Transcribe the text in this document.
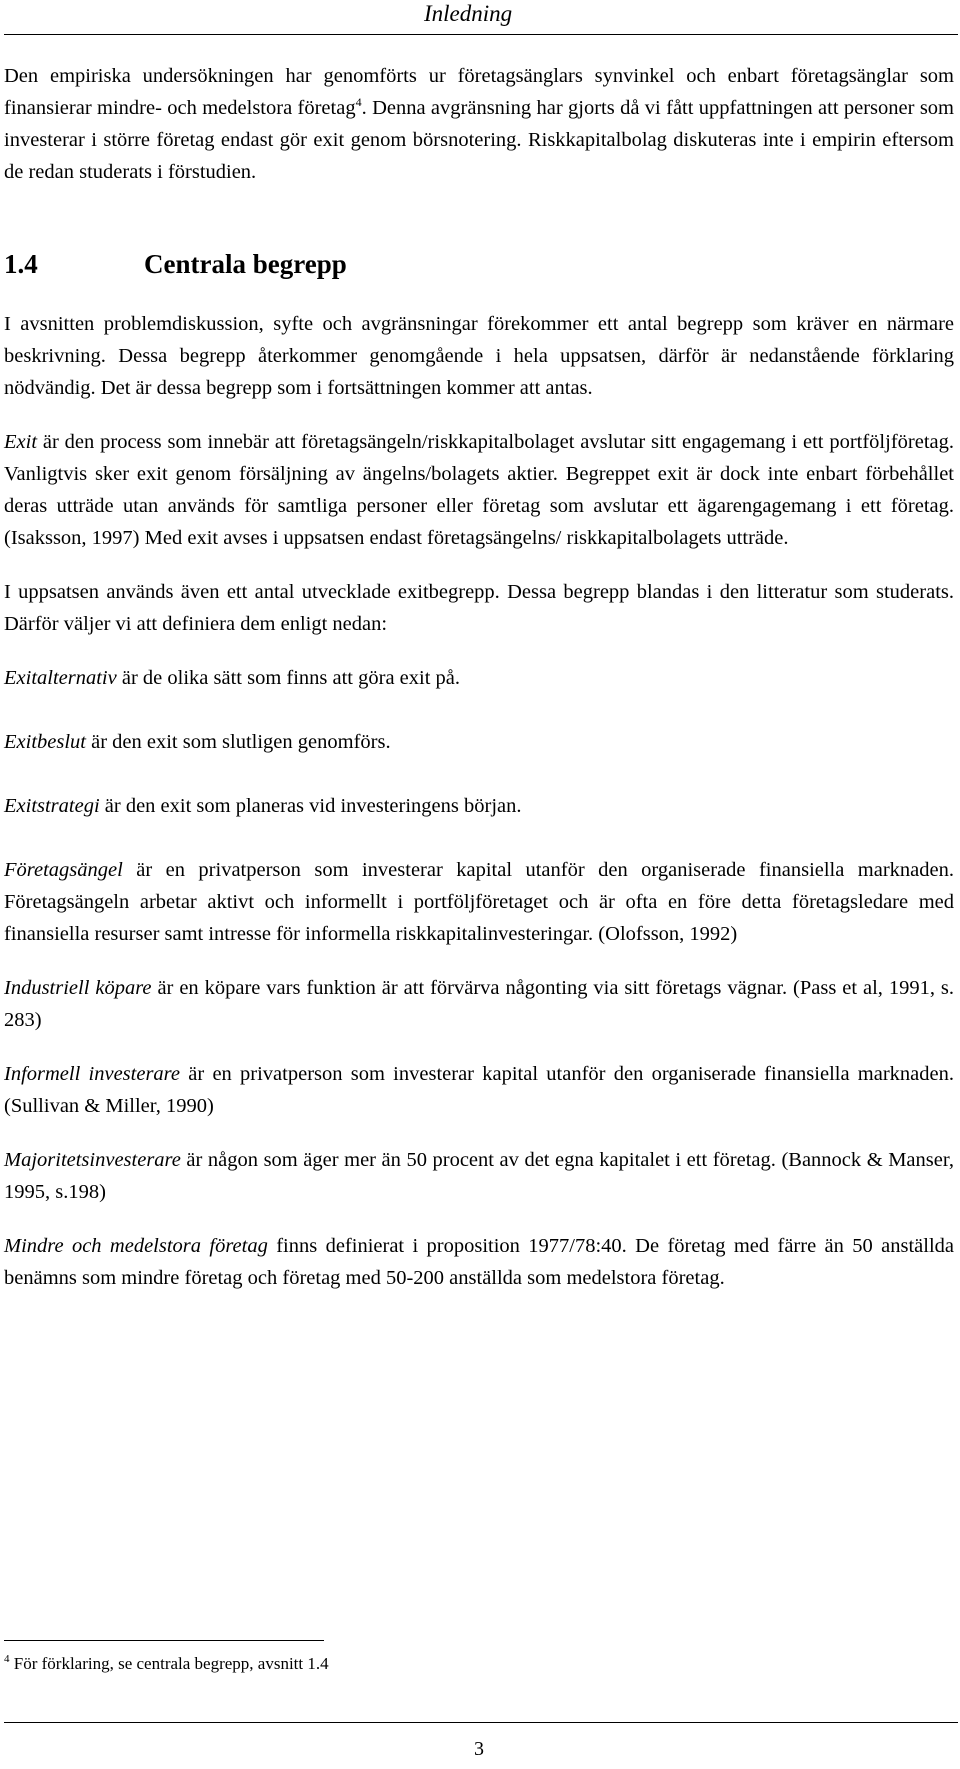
Inledning

Den empiriska undersökningen har genomförts ur företagsänglars synvinkel och enbart företagsänglar som finansierar mindre- och medelstora företag$^4$. Denna avgränsning har gjorts då vi fått uppfattningen att personer som investerar i större företag endast gör exit genom börsnotering. Riskkapitalbolag diskuteras inte i empirin eftersom de redan studerats i förstudien.

1.4	Centrala begrepp

I avsnitten problemdiskussion, syfte och avgränsningar förekommer ett antal begrepp som kräver en närmare beskrivning. Dessa begrepp återkommer genomgående i hela uppsatsen, därför är nedanstående förklaring nödvändig. Det är dessa begrepp som i fortsättningen kommer att antas.

Exit är den process som innebär att företagsängeln/riskkapitalbolaget avslutar sitt engagemang i ett portföljföretag. Vanligtvis sker exit genom försäljning av ängelns/bolagets aktier. Begreppet exit är dock inte enbart förbehållet deras utträde utan används för samtliga personer eller företag som avslutar ett ägarengagemang i ett företag. (Isaksson, 1997) Med exit avses i uppsatsen endast företagsängelns/ riskkapitalbolagets utträde.

I uppsatsen används även ett antal utvecklade exitbegrepp. Dessa begrepp blandas i den litteratur som studerats. Därför väljer vi att definiera dem enligt nedan:

Exitalternativ är de olika sätt som finns att göra exit på.

Exitbeslut är den exit som slutligen genomförs.

Exitstrategi är den exit som planeras vid investeringens början.

Företagsängel är en privatperson som investerar kapital utanför den organiserade finansiella marknaden. Företagsängeln arbetar aktivt och informellt i portföljföretaget och är ofta en före detta företagsledare med finansiella resurser samt intresse för informella riskkapitalinvesteringar. (Olofsson, 1992)

Industriell köpare är en köpare vars funktion är att förvärva någonting via sitt företags vägnar. (Pass et al, 1991, s. 283)

Informell investerare är en privatperson som investerar kapital utanför den organiserade finansiella marknaden. (Sullivan & Miller, 1990)

Majoritetsinvesterare är någon som äger mer än 50 procent av det egna kapitalet i ett företag. (Bannock & Manser, 1995, s.198)

Mindre och medelstora företag finns definierat i proposition 1977/78:40. De företag med färre än 50 anställda benämns som mindre företag och företag med 50-200 anställda som medelstora företag.

$^4$ För förklaring, se centrala begrepp, avsnitt 1.4
3
